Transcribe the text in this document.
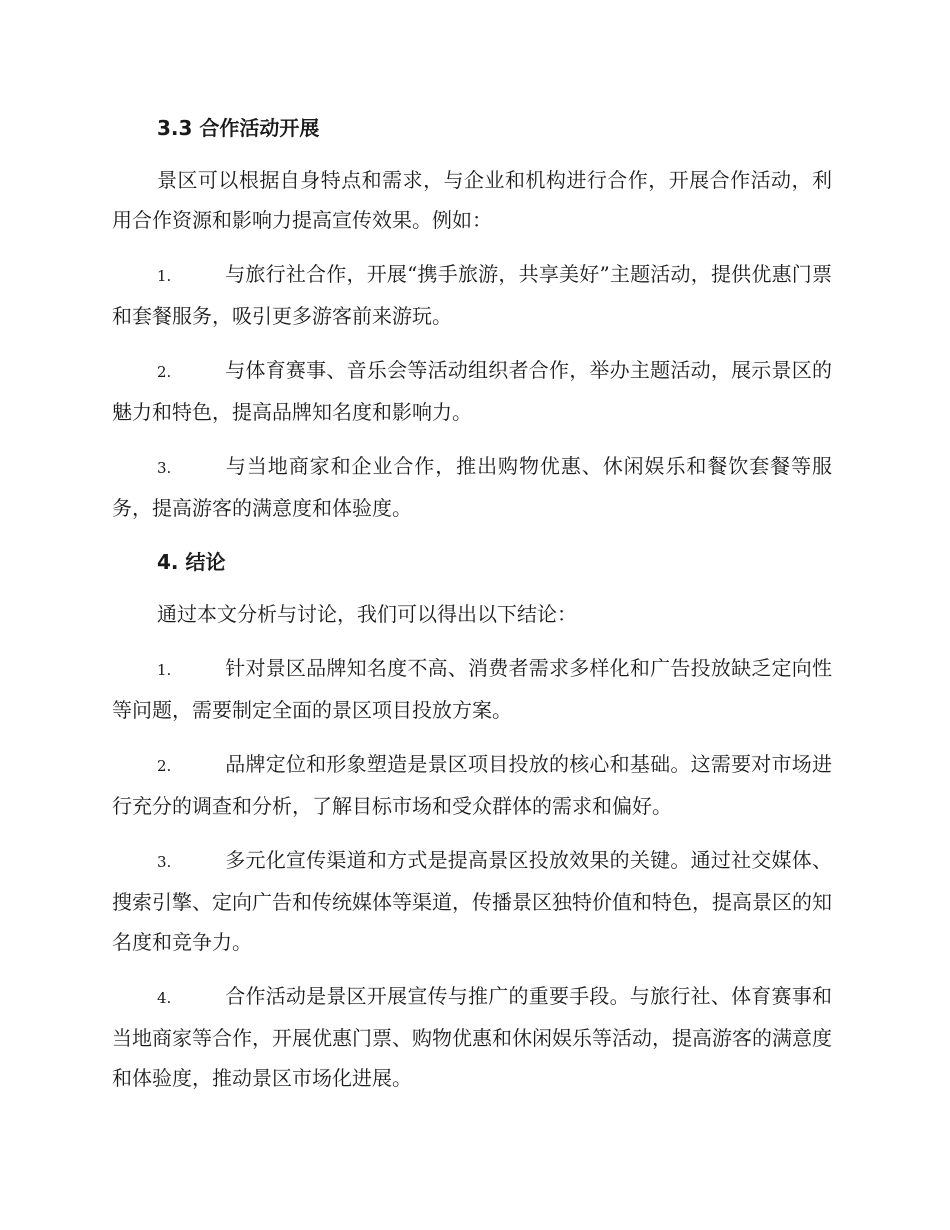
3.3 合作活动开展

景区可以根据自身特点和需求，与企业和机构进行合作，开展合作活动，利用合作资源和影响力提高宣传效果。例如：

1.	与旅行社合作，开展“携手旅游，共享美好”主题活动，提供优惠门票和套餐服务，吸引更多游客前来游玩。

2.	与体育赛事、音乐会等活动组织者合作，举办主题活动，展示景区的魅力和特色，提高品牌知名度和影响力。

3.	与当地商家和企业合作，推出购物优惠、休闲娱乐和餐饮套餐等服务，提高游客的满意度和体验度。

4. 结论

通过本文分析与讨论，我们可以得出以下结论：

1.	针对景区品牌知名度不高、消费者需求多样化和广告投放缺乏定向性等问题，需要制定全面的景区项目投放方案。

2.	品牌定位和形象塑造是景区项目投放的核心和基础。这需要对市场进行充分的调查和分析，了解目标市场和受众群体的需求和偏好。

3.	多元化宣传渠道和方式是提高景区投放效果的关键。通过社交媒体、搜索引擎、定向广告和传统媒体等渠道，传播景区独特价值和特色，提高景区的知名度和竞争力。

4.	合作活动是景区开展宣传与推广的重要手段。与旅行社、体育赛事和当地商家等合作，开展优惠门票、购物优惠和休闲娱乐等活动，提高游客的满意度和体验度，推动景区市场化进展。
